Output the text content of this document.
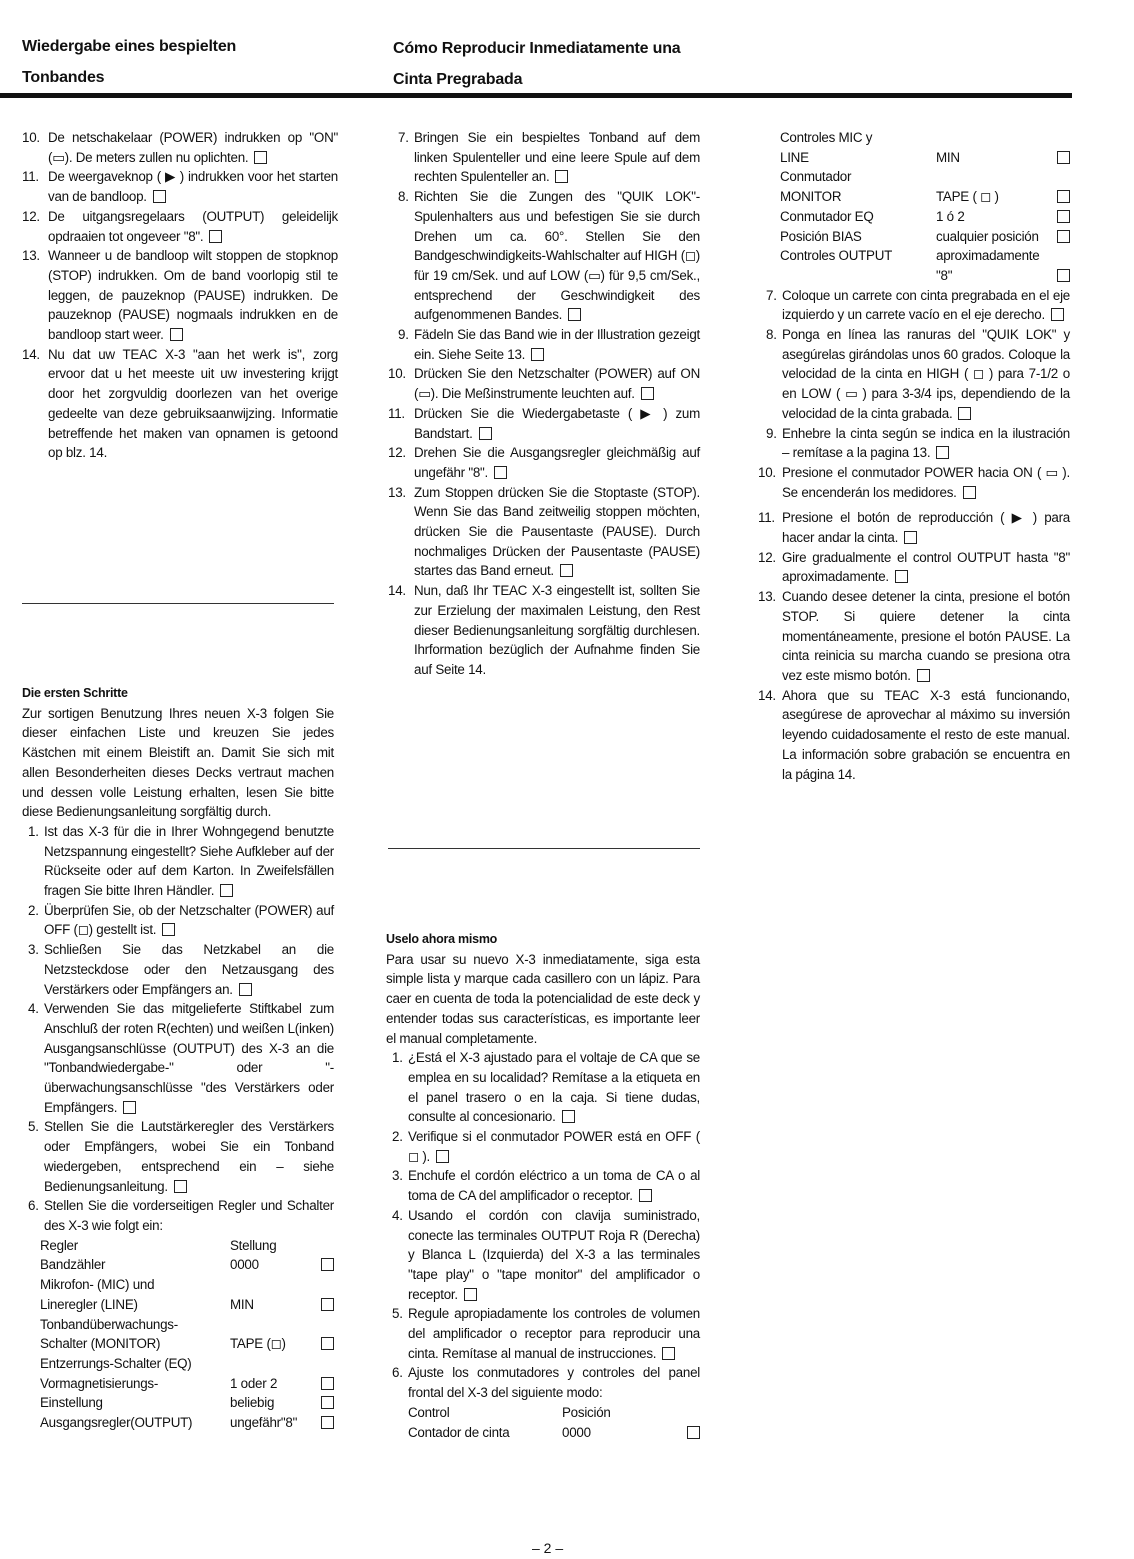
Wiedergabe eines bespielten
Tonbandes
Cómo Reproducir Inmediatamente una
Cinta Pregrabada
10. De netschakelaar (POWER) indrukken op "ON" (▭). De meters zullen nu oplichten.
11. De weergaveknop ( ▶ ) indrukken voor het starten van de bandloop.
12. De uitgangsregelaars (OUTPUT) geleidelijk opdraaien tot ongeveer "8".
13. Wanneer u de bandloop wilt stoppen de stopknop (STOP) indrukken. Om de band voorlopig stil te leggen, de pauzeknop (PAUSE) indrukken. De pauzeknop (PAUSE) nogmaals indrukken en de bandloop start weer.
14. Nu dat uw TEAC X-3 "aan het werk is", zorg ervoor dat u het meeste uit uw investering krijgt door het zorgvuldig doorlezen van het overige gedeelte van deze gebruiksaanwijzing. Informatie betreffende het maken van opnamen is getoond op blz. 14.
Die ersten Schritte
Zur sortigen Benutzung Ihres neuen X-3 folgen Sie dieser einfachen Liste und kreuzen Sie jedes Kästchen mit einem Bleistift an. Damit Sie sich mit allen Besonderheiten dieses Decks vertraut machen und dessen volle Leistung erhalten, lesen Sie bitte diese Bedienungsanleitung sorgfältig durch.
1. Ist das X-3 für die in Ihrer Wohngegend benutzte Netzspannung eingestellt? Siehe Aufkleber auf der Rückseite oder auf dem Karton. In Zweifelsfällen fragen Sie bitte Ihren Händler.
2. Überprüfen Sie, ob der Netzschalter (POWER) auf OFF (◻) gestellt ist.
3. Schließen Sie das Netzkabel an die Netzsteckdose oder den Netzausgang des Verstärkers oder Empfängers an.
4. Verwenden Sie das mitgelieferte Stiftkabel zum Anschluß der roten R(echten) und weißen L(inken) Ausgangsanschlüsse (OUTPUT) des X-3 an die "Tonbandwiedergabe-" oder "-überwachungsanschlüsse "des Verstärkers oder Empfängers.
5. Stellen Sie die Lautstärkeregler des Verstärkers oder Empfängers, wobei Sie ein Tonband wiedergeben, entsprechend ein – siehe Bedienungsanleitung.
6. Stellen Sie die vorderseitigen Regler und Schalter des X-3 wie folgt ein:
Regler	Stellung	
Bandzähler	0000	
Mikrofon- (MIC) und		
Lineregler (LINE)	MIN	
Tonbandüberwachungs-		
Schalter (MONITOR)	TAPE (◻)	
Entzerrungs-Schalter (EQ)		
Vormagnetisierungs-	1 oder 2	
Einstellung	beliebig	
Ausgangsregler(OUTPUT)	ungefähr"8"	
7. Bringen Sie ein bespieltes Tonband auf dem linken Spulenteller und eine leere Spule auf dem rechten Spulenteller an.
8. Richten Sie die Zungen des "QUIK LOK"-Spulenhalters aus und befestigen Sie sie durch Drehen um ca. 60°. Stellen Sie den Bandgeschwindigkeits-Wahlschalter auf HIGH (◻) für 19 cm/Sek. und auf LOW (▭) für 9,5 cm/Sek., entsprechend der Geschwindigkeit des aufgenommenen Bandes.
9. Fädeln Sie das Band wie in der Illustration gezeigt ein. Siehe Seite 13.
10. Drücken Sie den Netzschalter (POWER) auf ON (▭). Die Meßinstrumente leuchten auf.
11. Drücken Sie die Wiedergabetaste ( ▶ ) zum Bandstart.
12. Drehen Sie die Ausgangsregler gleichmäßig auf ungefähr "8".
13. Zum Stoppen drücken Sie die Stoptaste (STOP). Wenn Sie das Band zeitweilig stoppen möchten, drücken Sie die Pausentaste (PAUSE). Durch nochmaliges Drücken der Pausentaste (PAUSE) startes das Band erneut.
14. Nun, daß Ihr TEAC X-3 eingestellt ist, sollten Sie zur Erzielung der maximalen Leistung, den Rest dieser Bedienungsanleitung sorgfältig durchlesen. Ihrformation bezüglich der Aufnahme finden Sie auf Seite 14.
Uselo ahora mismo
Para usar su nuevo X-3 inmediatamente, siga esta simple lista y marque cada casillero con un lápiz. Para caer en cuenta de toda la potencialidad de este deck y entender todas sus características, es importante leer el manual completamente.
1. ¿Está el X-3 ajustado para el voltaje de CA que se emplea en su localidad? Remítase a la etiqueta en el panel trasero o en la caja. Si tiene dudas, consulte al concesionario.
2. Verifique si el conmutador POWER está en OFF ( ◻ ).
3. Enchufe el cordón eléctrico a un toma de CA o al toma de CA del amplificador o receptor.
4. Usando el cordón con clavija suministrado, conecte las terminales OUTPUT Roja R (Derecha) y Blanca L (Izquierda) del X-3 a las terminales "tape play" o "tape monitor" del amplificador o receptor.
5. Regule apropiadamente los controles de volumen del amplificador o receptor para reproducir una cinta. Remítase al manual de instrucciones.
6. Ajuste los conmutadores y controles del panel frontal del X-3 del siguiente modo:
Control	Posición	
Contador de cinta	0000	
Controles MIC y		
LINE	MIN	
Conmutador		
MONITOR	TAPE ( ◻ )	
Conmutador EQ	1 ó 2	
Posición BIAS	cualquier posición	
Controles OUTPUT	aproximadamente "8"	
7. Coloque un carrete con cinta pregrabada en el eje izquierdo y un carrete vacío en el eje derecho.
8. Ponga en línea las ranuras del "QUIK LOK" y asegúrelas girándolas unos 60 grados. Coloque la velocidad de la cinta en HIGH ( ◻ ) para 7-1/2 o en LOW ( ▭ ) para 3-3/4 ips, dependiendo de la velocidad de la cinta grabada.
9. Enhebre la cinta según se indica en la ilustración – remítase a la pagina 13.
10. Presione el conmutador POWER hacia ON ( ▭ ). Se encenderán los medidores.
11. Presione el botón de reproducción ( ▶ ) para hacer andar la cinta.
12. Gire gradualmente el control OUTPUT hasta "8" aproximadamente.
13. Cuando desee detener la cinta, presione el botón STOP. Si quiere detener la cinta momentáneamente, presione el botón PAUSE. La cinta reinicia su marcha cuando se presiona otra vez este mismo botón.
14. Ahora que su TEAC X-3 está funcionando, asegúrese de aprovechar al máximo su inversión leyendo cuidadosamente el resto de este manual. La información sobre grabación se encuentra en la página 14.
– 2 –
